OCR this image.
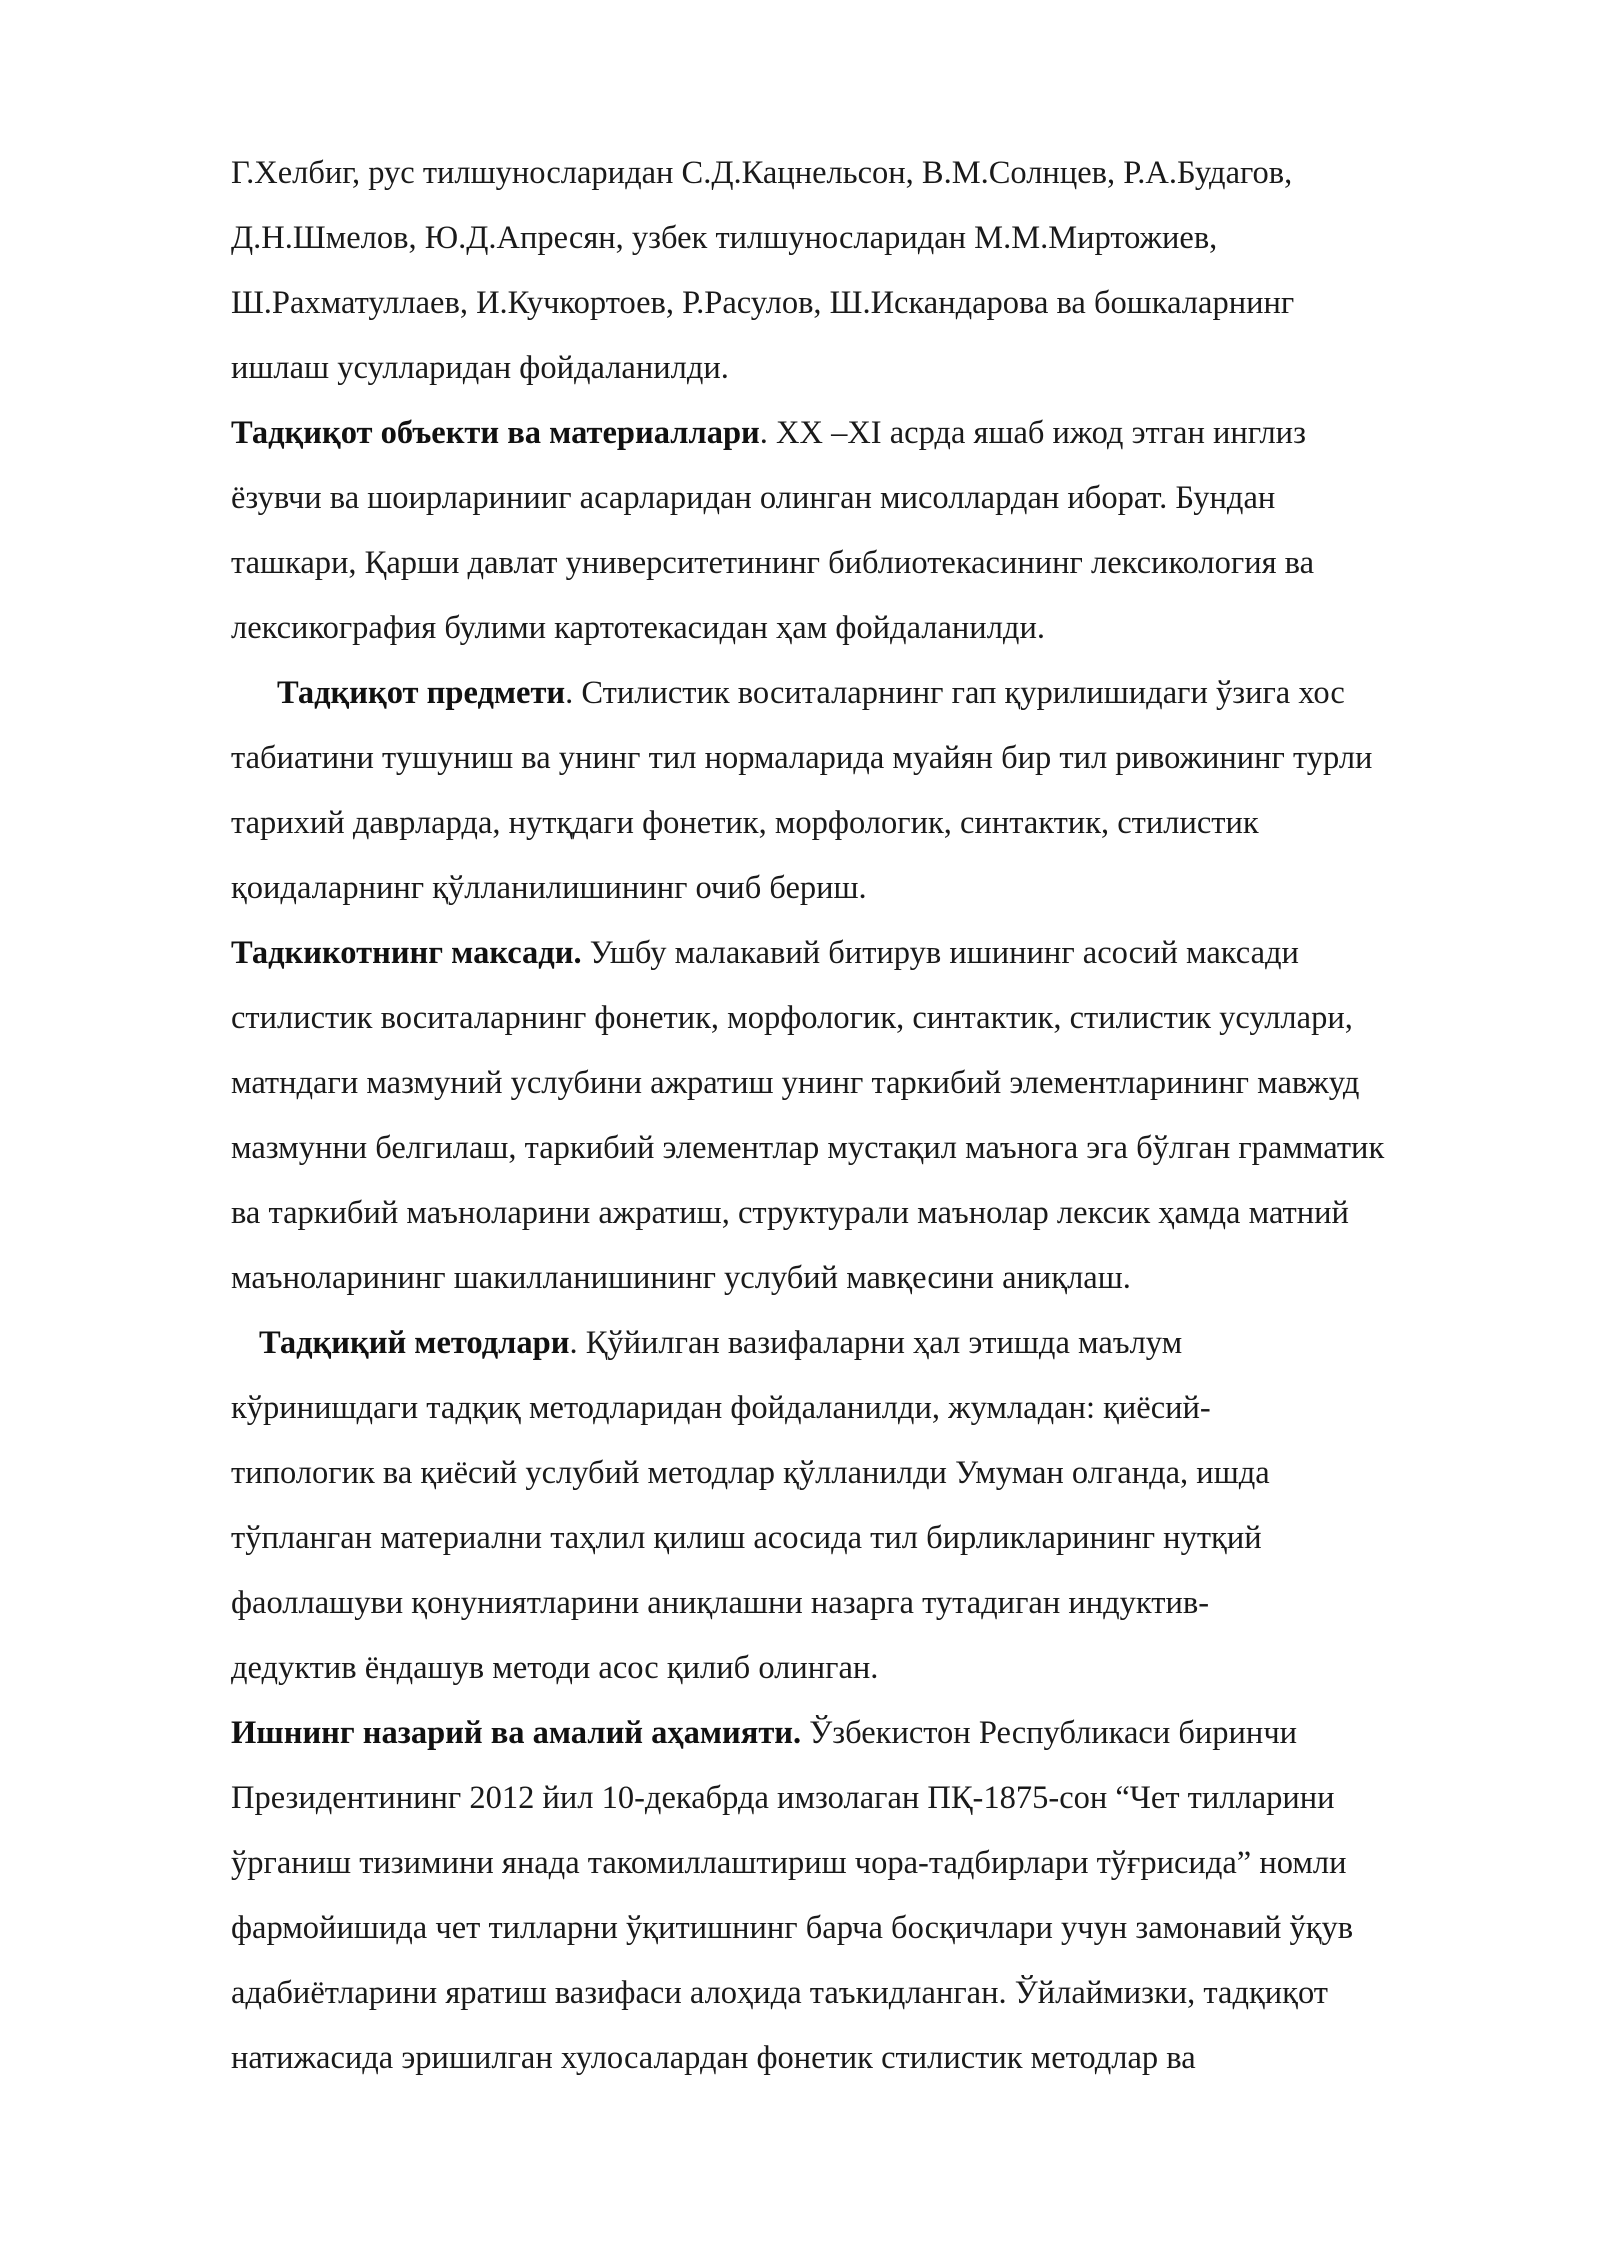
Г.Хелбиг, рус тилшуносларидан С.Д.Кацнельсон, В.М.Солнцев, Р.А.Будагов,

Д.Н.Шмелов, Ю.Д.Апресян, узбек тилшуносларидан М.М.Миртожиев,

Ш.Рахматуллаев, И.Кучкортоев, Р.Расулов, Ш.Искандарова ва бошкаларнинг

ишлаш усулларидан фойдаланилди.

Тадқиқот объекти ва материаллари. XX –XI асрда яшаб ижод этган инглиз

ёзувчи ва шоирларинииг асарларидан олинган мисоллардан иборат. Бундан

ташкари, Қарши давлат университетининг библиотекасининг лексикология ва

лексикография булими картотекасидан ҳам фойдаланилди.

Тадқиқот предмети. Стилистик воситаларнинг гап қурилишидаги ўзига хос

табиатини тушуниш ва унинг тил нормаларида муайян бир тил ривожининг турли

тарихий даврларда, нутқдаги фонетик, морфологик, синтактик, стилистик

қоидаларнинг қўлланилишининг очиб бериш.

Тадкикотнинг максади. Ушбу малакавий битирув ишининг асосий максади

стилистик воситаларнинг фонетик, морфологик, синтактик, стилистик усуллари,

матндаги мазмуний услубини ажратиш унинг таркибий элементларининг мавжуд

мазмунни белгилаш, таркибий элементлар мустақил маънога эга бўлган грамматик

ва таркибий маъноларини ажратиш, структурали маънолар лексик ҳамда матний

маъноларининг шакилланишининг услубий мавқесини аниқлаш.

Тадқиқий методлари. Қўйилган вазифаларни ҳал этишда маълум

кўринишдаги тадқиқ методларидан фойдаланилди, жумладан: қиёсий-

типологик ва қиёсий услубий методлар қўлланилди Умуман олганда, ишда

тўпланган материални таҳлил қилиш асосида тил бирликларининг нутқий

фаоллашуви қонуниятларини аниқлашни назарга тутадиган индуктив-

дедуктив ёндашув методи асос қилиб олинган.

Ишнинг назарий ва амалий аҳамияти. Ўзбекистон Республикаси биринчи

Президентининг 2012 йил 10-декабрда имзолаган ПҚ-1875-сон “Чет тилларини

ўрганиш тизимини янада такомиллаштириш чора-тадбирлари тўғрисида” номли

фармойишида чет тилларни ўқитишнинг барча босқичлари учун замонавий ўқув

адабиётларини яратиш вазифаси алоҳида таъкидланган. Ўйлаймизки, тадқиқот

натижасида эришилган хулосалардан фонетик стилистик методлар ва
